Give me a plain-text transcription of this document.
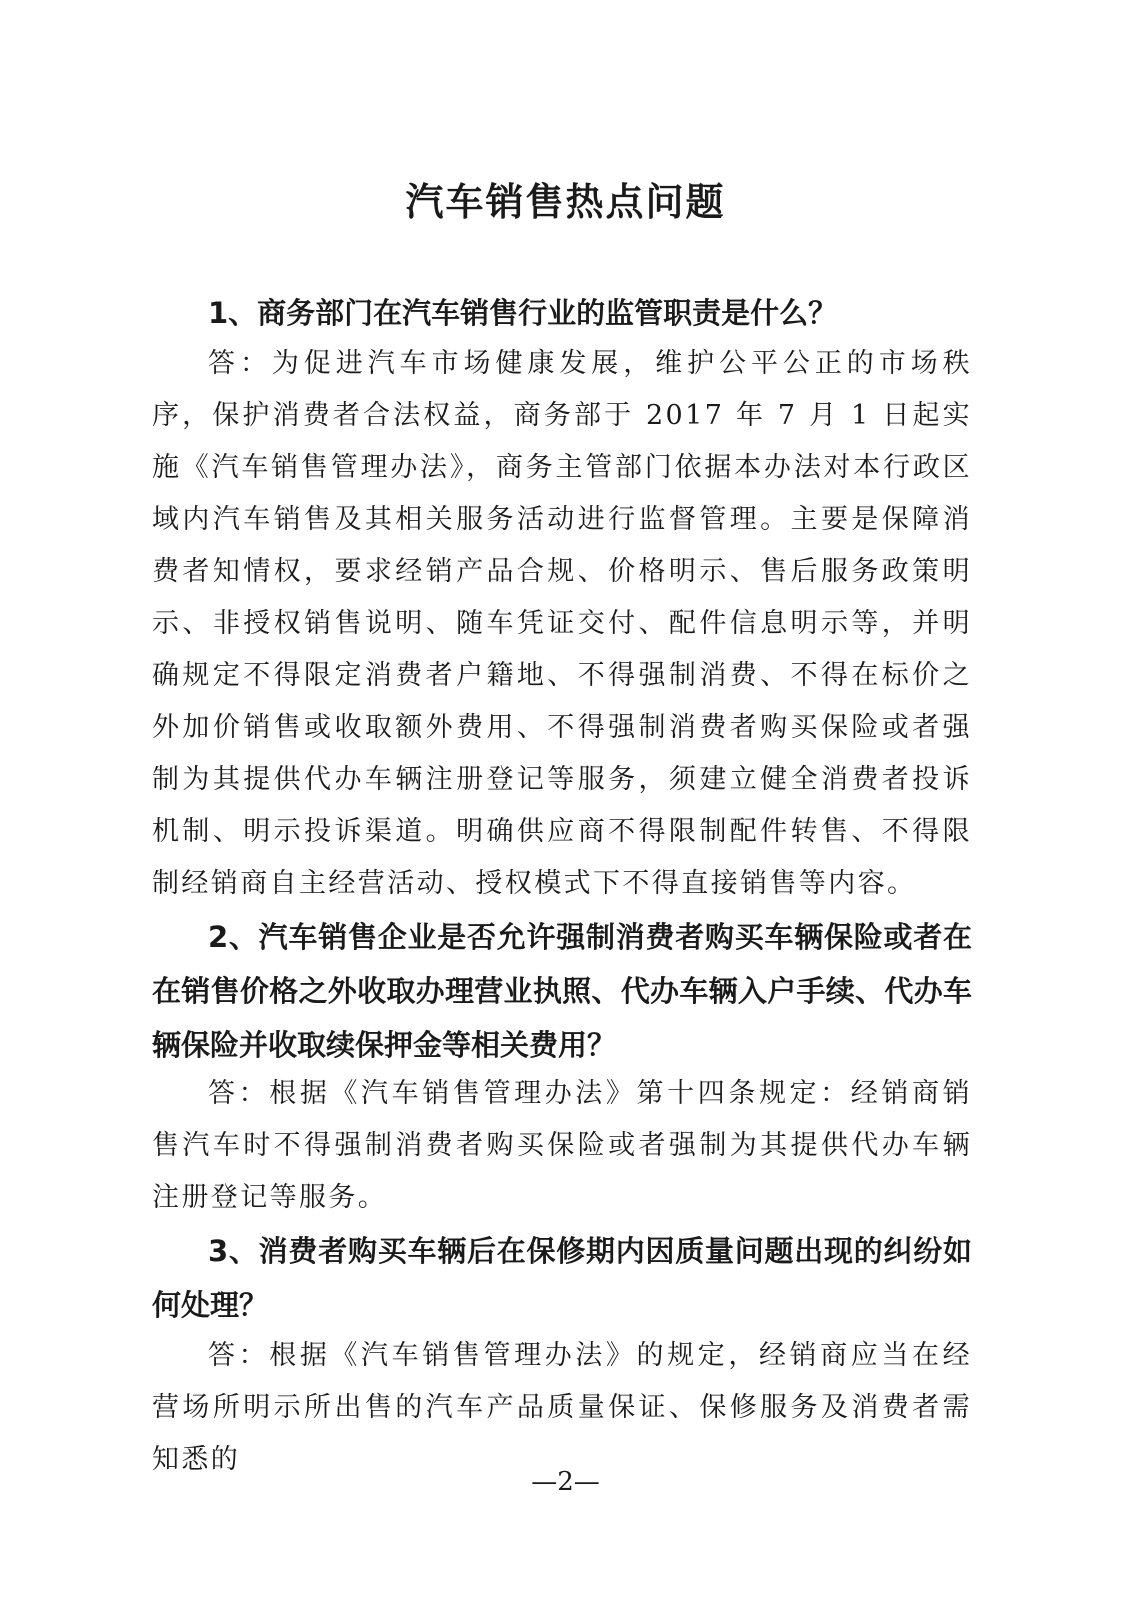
汽车销售热点问题

1、商务部门在汽车销售行业的监管职责是什么？

答：为促进汽车市场健康发展，维护公平公正的市场秩序，保护消费者合法权益，商务部于 2017 年 7 月 1 日起实施《汽车销售管理办法》，商务主管部门依据本办法对本行政区域内汽车销售及其相关服务活动进行监督管理。主要是保障消费者知情权，要求经销产品合规、价格明示、售后服务政策明示、非授权销售说明、随车凭证交付、配件信息明示等，并明确规定不得限定消费者户籍地、不得强制消费、不得在标价之外加价销售或收取额外费用、不得强制消费者购买保险或者强制为其提供代办车辆注册登记等服务，须建立健全消费者投诉机制、明示投诉渠道。明确供应商不得限制配件转售、不得限制经销商自主经营活动、授权模式下不得直接销售等内容。

2、汽车销售企业是否允许强制消费者购买车辆保险或者在在销售价格之外收取办理营业执照、代办车辆入户手续、代办车辆保险并收取续保押金等相关费用？

答：根据《汽车销售管理办法》第十四条规定：经销商销售汽车时不得强制消费者购买保险或者强制为其提供代办车辆注册登记等服务。

3、消费者购买车辆后在保修期内因质量问题出现的纠纷如何处理？

答：根据《汽车销售管理办法》的规定，经销商应当在经营场所明示所出售的汽车产品质量保证、保修服务及消费者需知悉的

—2—
